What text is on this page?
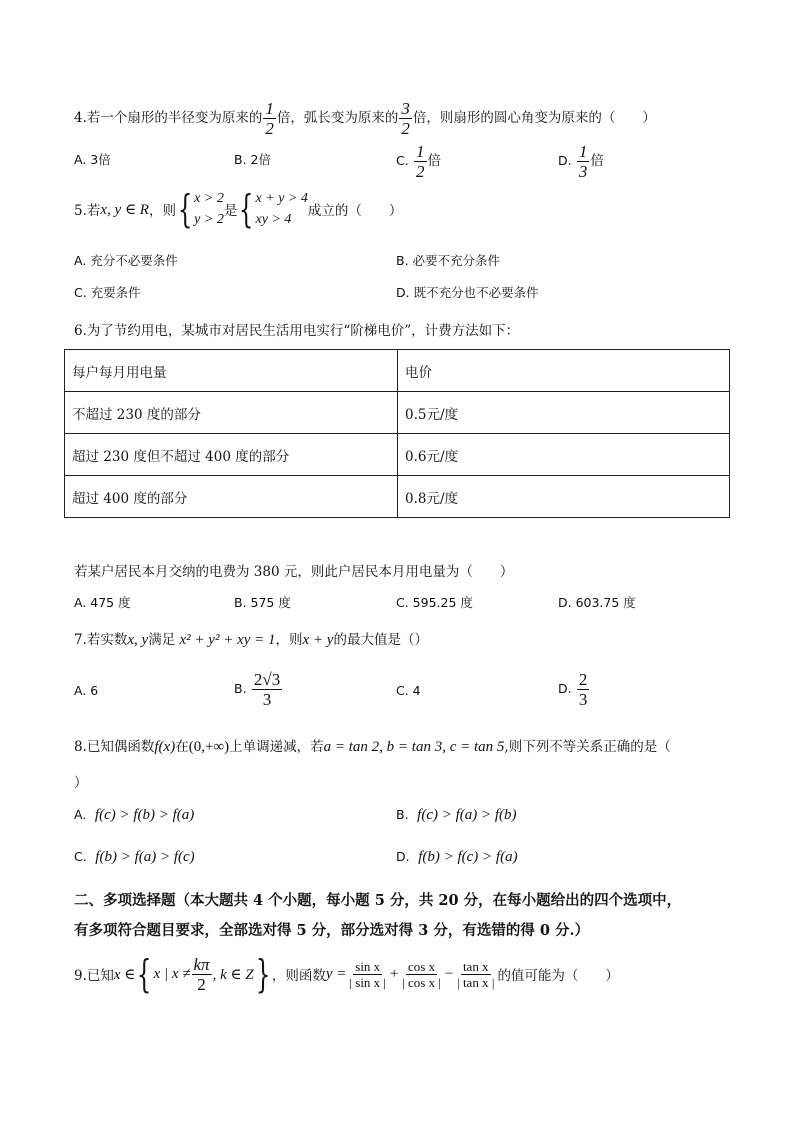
4.若一个扇形的半径变为原来的 $\frac{1}{2}$ 倍，弧长变为原来的 $\frac{3}{2}$ 倍，则扇形的圆心角变为原来的（　　）
A. 3倍	B. 2倍	C. $\frac{1}{2}$ 倍	D. $\frac{1}{3}$ 倍
5.若 x, y ∈ R ，则 { x > 2
y > 2
是 { x + y > 4
xy > 4
成立的（　　）
A. 充分不必要条件	B. 必要不充分条件
C. 充要条件	D. 既不充分也不必要条件
6.为了节约用电，某城市对居民生活用电实行“阶梯电价”，计费方法如下：
每户每月用电量	电价
不超过 230 度的部分	0.5元/度
超过 230 度但不超过 400 度的部分	0.6元/度
超过 400 度的部分	0.8元/度
若某户居民本月交纳的电费为 380 元，则此户居民本月用电量为（　　）
A. 475 度	B. 575 度	C. 595.25 度	D. 603.75 度
7.若实数x, y满足 x² + y² + xy = 1，则x + y的最大值是（）
A. 6	B. $\frac{2√3}{3}$	C. 4	D. $\frac{2}{3}$
8.已知偶函数f(x)在(0,+∞)上单调递减，若a = tan 2, b = tan 3, c = tan 5,则下列不等关系正确的是（
）
A. f(c) > f(b) > f(a)	B. f(c) > f(a) > f(b)
C. f(b) > f(a) > f(c)	D. f(b) > f(c) > f(a)
二、多项选择题（本大题共 4 个小题，每小题 5 分，共 20 分，在每小题给出的四个选项中，
有多项符合题目要求，全部选对得 5 分，部分选对得 3 分，有选错的得 0 分.）
9.已知 x ∈ { x | $x \ne \frac{k\pi}{2}$ , k ∈ Z } ，则函数 $y = \frac{\text{sin x}}{\text{| sin x |}} + \frac{\text{cos x}}{\text{| cos x |}} - \frac{\text{tan x}}{\text{| tan x |}}$ 的值可能为（　　）
